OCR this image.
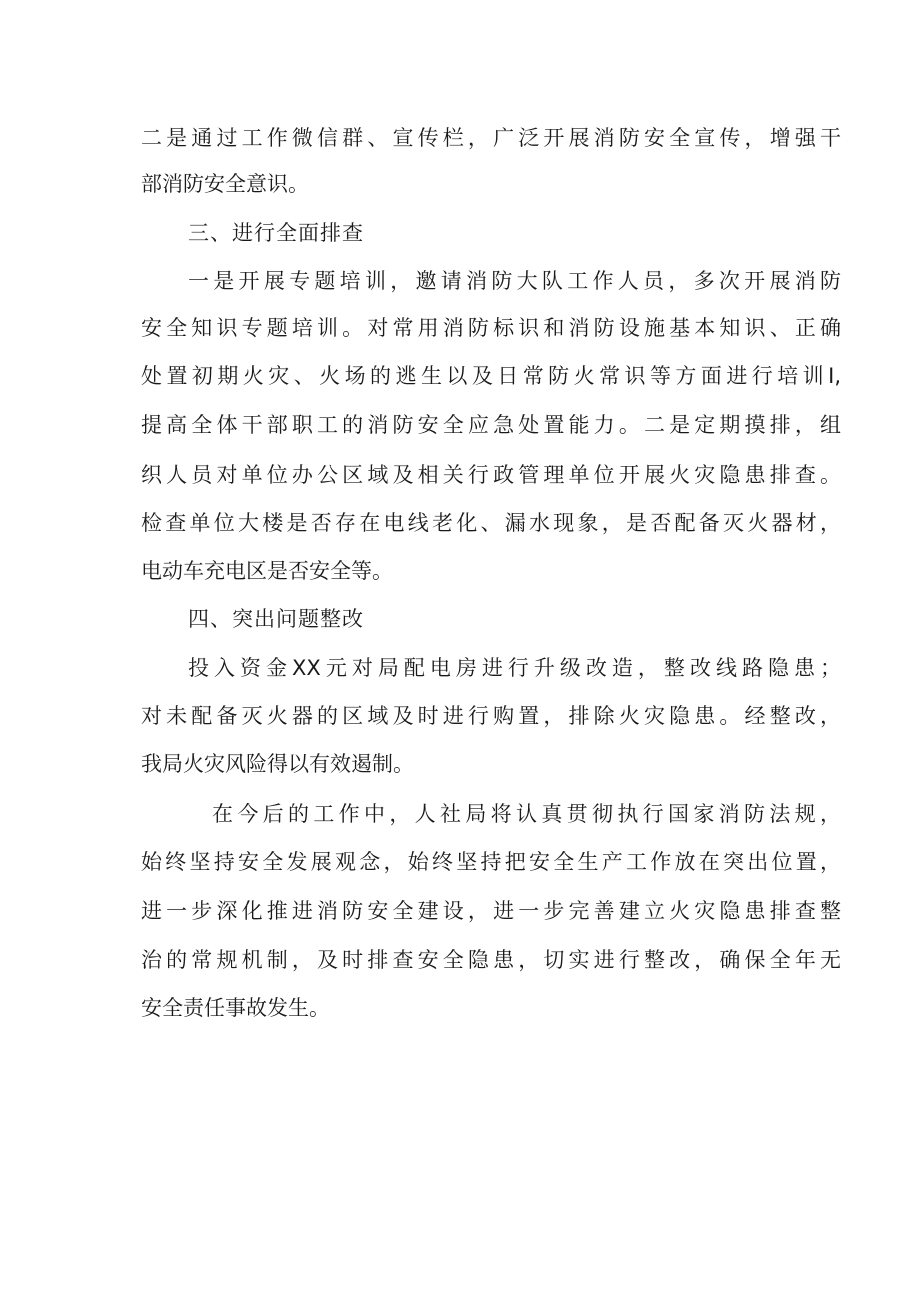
二是通过工作微信群、宣传栏，广泛开展消防安全宣传，增强干
部消防安全意识。
三、进行全面排查
一是开展专题培训，邀请消防大队工作人员，多次开展消防
安全知识专题培训。对常用消防标识和消防设施基本知识、正确
处置初期火灾、火场的逃生以及日常防火常识等方面进行培训I,
提高全体干部职工的消防安全应急处置能力。二是定期摸排，组
织人员对单位办公区域及相关行政管理单位开展火灾隐患排查。
检查单位大楼是否存在电线老化、漏水现象，是否配备灭火器材，
电动车充电区是否安全等。
四、突出问题整改
投入资金XX元对局配电房进行升级改造，整改线路隐患；
对未配备灭火器的区域及时进行购置，排除火灾隐患。经整改，
我局火灾风险得以有效遏制。
在今后的工作中，人社局将认真贯彻执行国家消防法规，
始终坚持安全发展观念，始终坚持把安全生产工作放在突出位置，
进一步深化推进消防安全建设，进一步完善建立火灾隐患排查整
治的常规机制，及时排查安全隐患，切实进行整改，确保全年无
安全责任事故发生。
